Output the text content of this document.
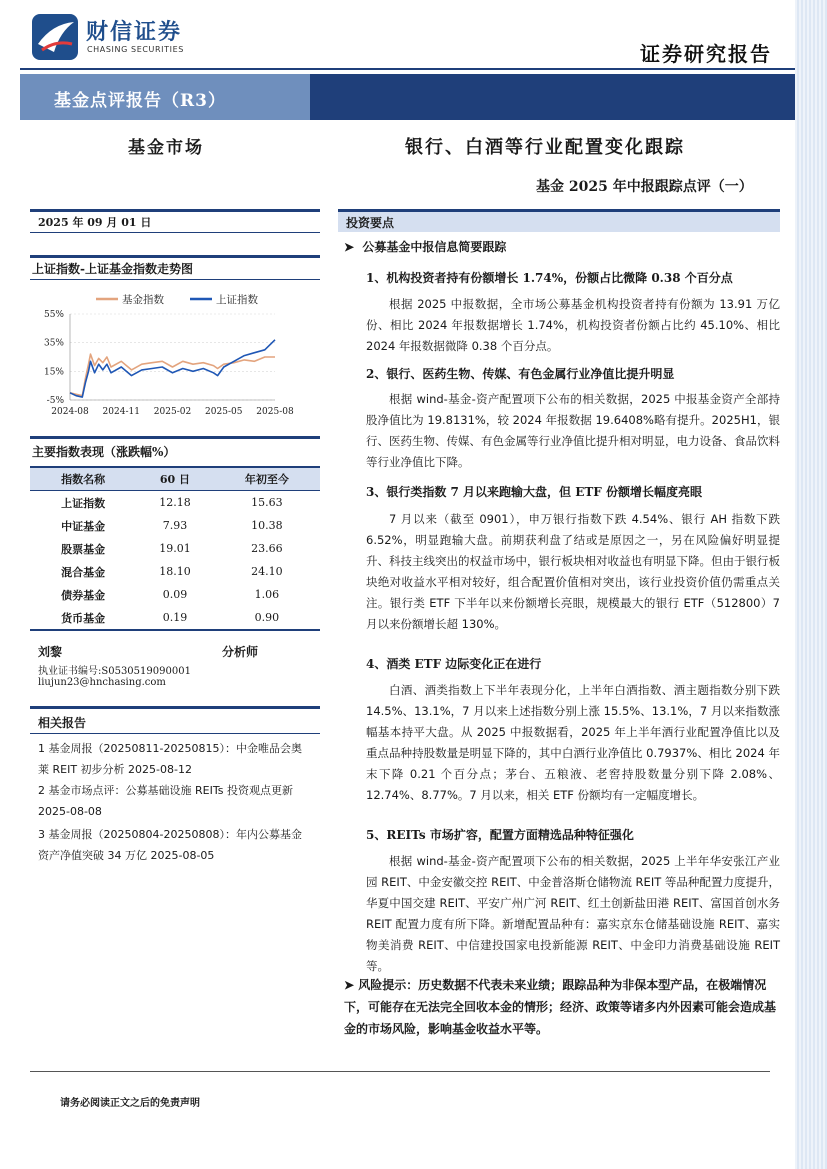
财信证券
CHASING SECURITIES	证券研究报告
基金点评报告（R3）
基金市场	银行、白酒等行业配置变化跟踪
基金 2025 年中报跟踪点评（一）
2025 年 09 月 01 日
上证指数-上证基金指数走势图
基金指数	上证指数
55%
35%
15%
-5%
2024-08 2024-11 2025-02 2025-05 2025-08
主要指数表现（涨跌幅%）
指数名称	60 日	年初至今
上证指数	12.18	15.63
中证基金	7.93	10.38
股票基金	19.01	23.66
混合基金	18.10	24.10
债券基金	0.09	1.06
货币基金	0.19	0.90
刘黎	分析师
执业证书编号:S0530519090001
liujun23@hnchasing.com
相关报告
1 基金周报（20250811-20250815）：中金唯品会奥莱 REIT 初步分析 2025-08-12
2 基金市场点评：公募基础设施 REITs 投资观点更新 2025-08-08
3 基金周报（20250804-20250808）：年内公募基金资产净值突破 34 万亿 2025-08-05
投资要点
➤ 公募基金中报信息简要跟踪
1、机构投资者持有份额增长 1.74%，份额占比微降 0.38 个百分点

根据 2025 中报数据，全市场公募基金机构投资者持有份额为 13.91 万亿份、相比 2024 年报数据增长 1.74%，机构投资者份额占比约 45.10%、相比 2024 年报数据微降 0.38 个百分点。

2、银行、医药生物、传媒、有色金属行业净值比提升明显

根据 wind-基金-资产配置项下公布的相关数据，2025 中报基金资产全部持股净值比为 19.8131%，较 2024 年报数据 19.6408%略有提升。2025H1，银行、医药生物、传媒、有色金属等行业净值比提升相对明显，电力设备、食品饮料等行业净值比下降。

3、银行类指数 7 月以来跑输大盘，但 ETF 份额增长幅度亮眼

7 月以来（截至 0901），申万银行指数下跌 4.54%、银行 AH 指数下跌 6.52%，明显跑输大盘。前期获利盘了结或是原因之一，另在风险偏好明显提升、科技主线突出的权益市场中，银行板块相对收益也有明显下降。但由于银行板块绝对收益水平相对较好，组合配置价值相对突出，该行业投资价值仍需重点关注。银行类 ETF 下半年以来份额增长亮眼，规模最大的银行 ETF（512800）7 月以来份额增长超 130%。

4、酒类 ETF 边际变化正在进行

白酒、酒类指数上下半年表现分化，上半年白酒指数、酒主题指数分别下跌 14.5%、13.1%，7 月以来上述指数分别上涨 15.5%、13.1%，7 月以来指数涨幅基本持平大盘。从 2025 中报数据看，2025 年上半年酒行业配置净值比以及重点品种持股数量是明显下降的，其中白酒行业净值比 0.7937%、相比 2024 年末下降 0.21 个百分点；茅台、五粮液、老窖持股数量分别下降 2.08%、12.74%、8.77%。7 月以来，相关 ETF 份额均有一定幅度增长。

5、REITs 市场扩容，配置方面精选品种特征强化

根据 wind-基金-资产配置项下公布的相关数据，2025 上半年华安张江产业园 REIT、中金安徽交控 REIT、中金普洛斯仓储物流 REIT 等品种配置力度提升，华夏中国交建 REIT、平安广州广河 REIT、红土创新盐田港 REIT、富国首创水务 REIT 配置力度有所下降。新增配置品种有：嘉实京东仓储基础设施 REIT、嘉实物美消费 REIT、中信建投国家电投新能源 REIT、中金印力消费基础设施 REIT 等。

➤ 风险提示：历史数据不代表未来业绩；跟踪品种为非保本型产品，在极端情况下，可能存在无法完全回收本金的情形；经济、政策等诸多内外因素可能会造成基金的市场风险，影响基金收益水平等。
请务必阅读正文之后的免责声明
